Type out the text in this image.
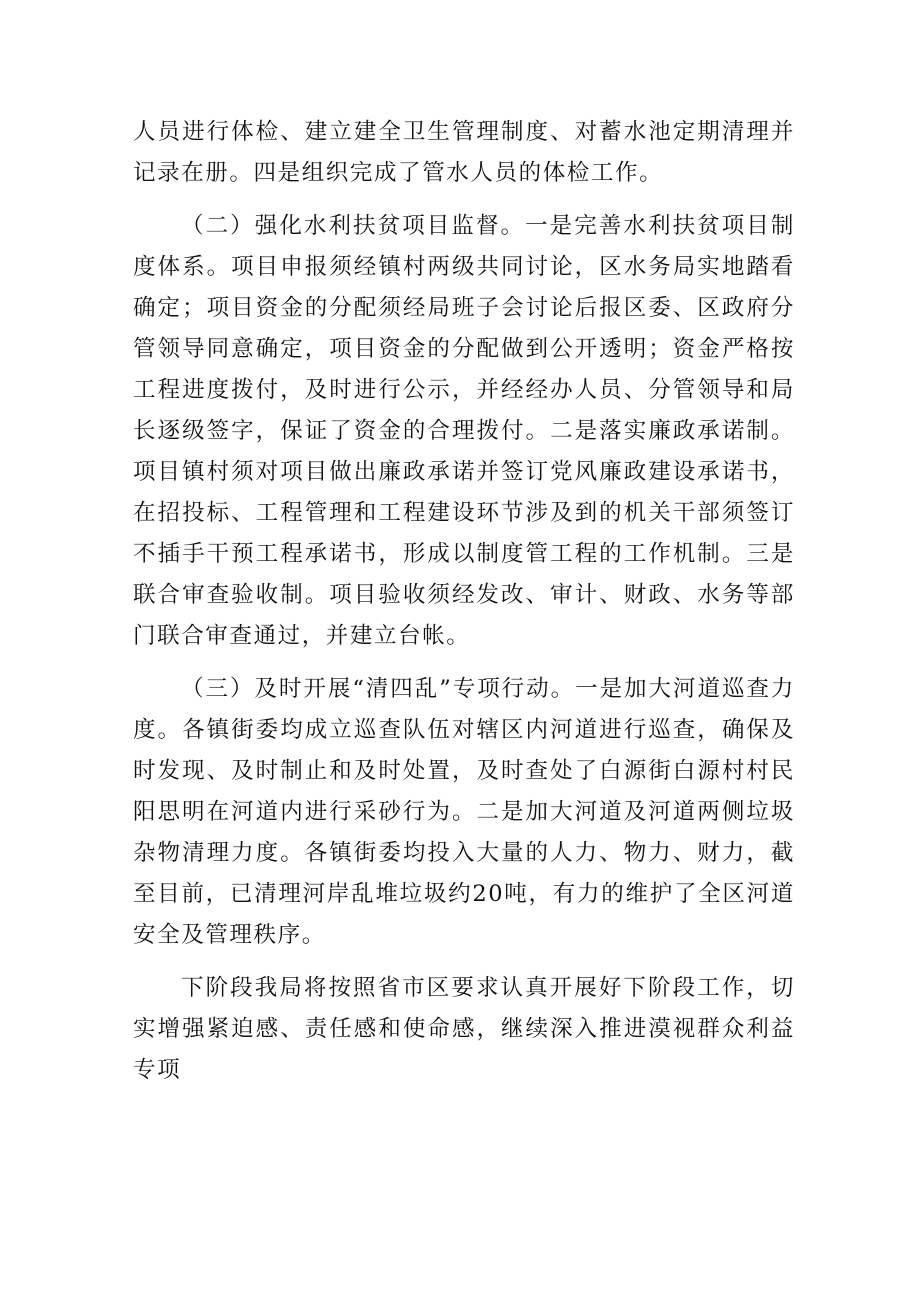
人员进行体检、建立建全卫生管理制度、对蓄水池定期清理并记录在册。四是组织完成了管水人员的体检工作。

（二）强化水利扶贫项目监督。一是完善水利扶贫项目制度体系。项目申报须经镇村两级共同讨论，区水务局实地踏看确定；项目资金的分配须经局班子会讨论后报区委、区政府分管领导同意确定，项目资金的分配做到公开透明；资金严格按工程进度拨付，及时进行公示，并经经办人员、分管领导和局长逐级签字，保证了资金的合理拨付。二是落实廉政承诺制。项目镇村须对项目做出廉政承诺并签订党风廉政建设承诺书，在招投标、工程管理和工程建设环节涉及到的机关干部须签订不插手干预工程承诺书，形成以制度管工程的工作机制。三是联合审查验收制。项目验收须经发改、审计、财政、水务等部门联合审查通过，并建立台帐。

（三）及时开展“清四乱”专项行动。一是加大河道巡查力度。各镇街委均成立巡查队伍对辖区内河道进行巡查，确保及时发现、及时制止和及时处置，及时查处了白源街白源村村民阳思明在河道内进行采砂行为。二是加大河道及河道两侧垃圾杂物清理力度。各镇街委均投入大量的人力、物力、财力，截至目前，已清理河岸乱堆垃圾约20吨，有力的维护了全区河道安全及管理秩序。

下阶段我局将按照省市区要求认真开展好下阶段工作，切实增强紧迫感、责任感和使命感，继续深入推进漠视群众利益专项
